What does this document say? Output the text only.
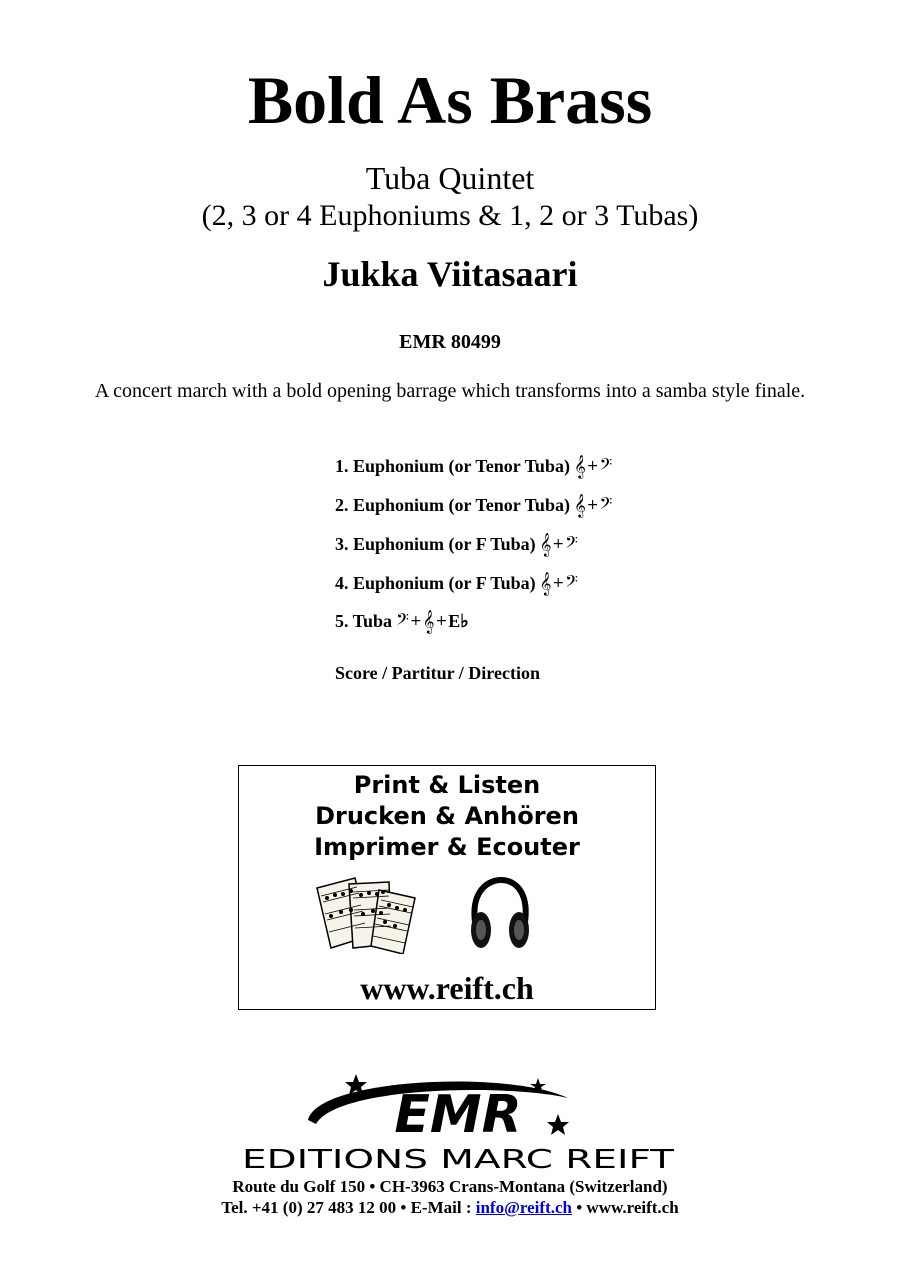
Bold As Brass
Tuba Quintet
(2, 3 or 4 Euphoniums & 1, 2 or 3 Tubas)
Jukka Viitasaari
EMR 80499
A concert march with a bold opening barrage which transforms into a samba style finale.
1. Euphonium (or Tenor Tuba) 𝄞 + 𝄢
2. Euphonium (or Tenor Tuba) 𝄞 + 𝄢
3. Euphonium (or F Tuba) 𝄞 + 𝄢
4. Euphonium (or F Tuba) 𝄞 + 𝄢
5. Tuba 𝄢 + 𝄞 + E♭
Score / Partitur / Direction
Print & Listen
Drucken & Anhören
Imprimer & Ecouter
www.reift.ch
EMR
EDITIONS MARC REIFT
Route du Golf 150 • CH-3963 Crans-Montana (Switzerland)
Tel. +41 (0) 27 483 12 00 • E-Mail : info@reift.ch • www.reift.ch
